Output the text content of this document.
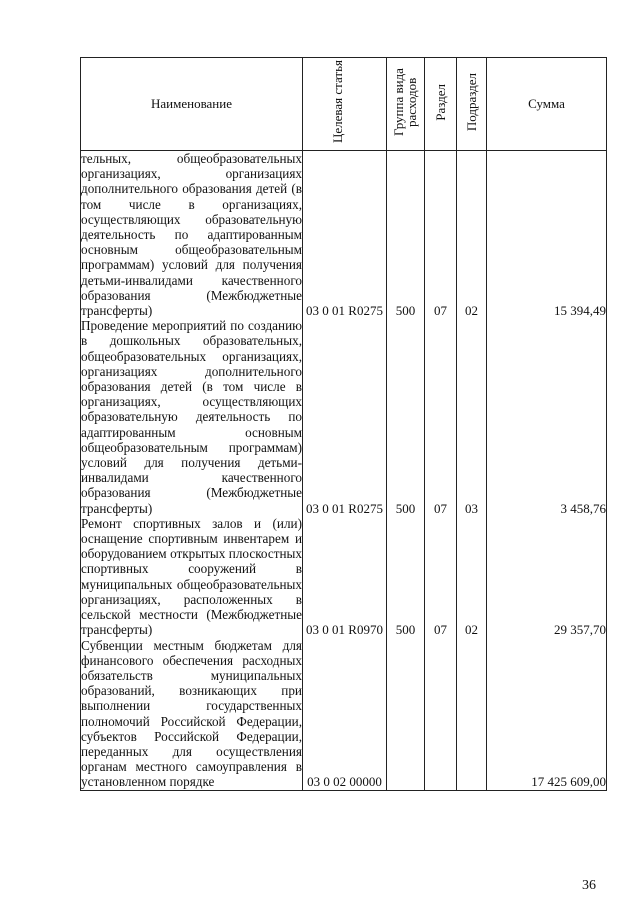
Наименование	Целевая статья	Группа вида расходов	Раздел	Подраздел	Сумма

тельных, общеобразовательных организациях, организациях дополнительного образования детей (в том числе в организациях, осуществляющих образовательную деятельность по адаптированным основным общеобразовательным программам) условий для получения детьми-инвалидами качественного образования (Межбюджетные трансферты)	03 0 01 R0275	500	07	02	15 394,49

Проведение мероприятий по созданию в дошкольных образовательных, общеобразовательных организациях, организациях дополнительного образования детей (в том числе в организациях, осуществляющих образовательную деятельность по адаптированным основным общеобразовательным программам) условий для получения детьми-инвалидами качественного образования (Межбюджетные трансферты)	03 0 01 R0275	500	07	03	3 458,76

Ремонт спортивных залов и (или) оснащение спортивным инвентарем и оборудованием открытых плоскостных спортивных сооружений в муниципальных общеобразовательных организациях, расположенных в сельской местности (Межбюджетные трансферты)	03 0 01 R0970	500	07	02	29 357,70

Субвенции местным бюджетам для финансового обеспечения расходных обязательств муниципальных образований, возникающих при выполнении государственных полномочий Российской Федерации, субъектов Российской Федерации, переданных для осуществления органам местного самоуправления в установленном порядке	03 0 02 00000				17 425 609,00
36
